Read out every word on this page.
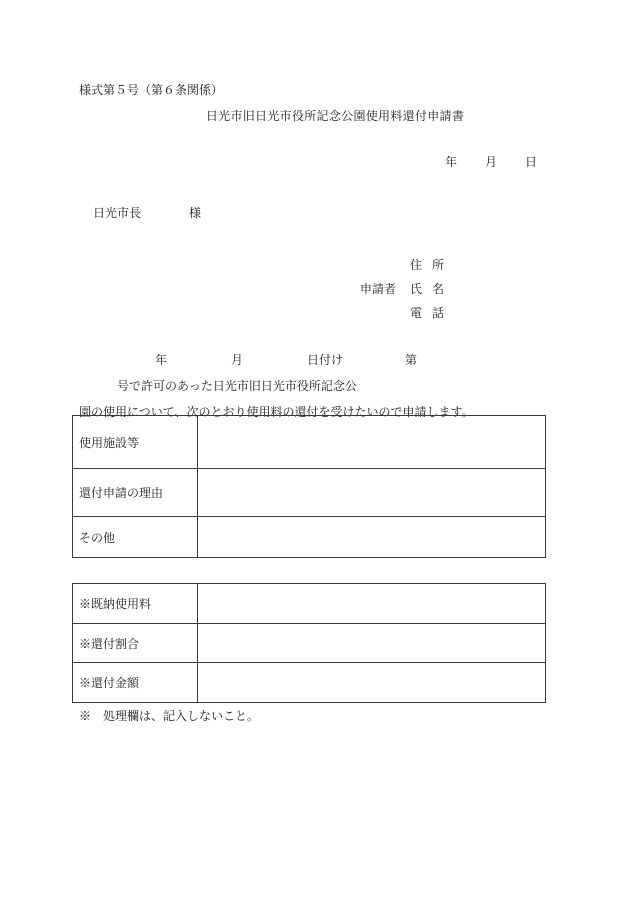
様式第５号（第６条関係）
日光市旧日光市役所記念公園使用料還付申請書
年 月 日
日光市長	様
住所
申請者	氏名
電話
年	月	日付け	第号で許可のあった日光市旧日光市役所記念公
園の使用について、次のとおり使用料の還付を受けたいので申請します。
使用施設等	
還付申請の理由	
その他	
※既納使用料	
※還付割合	
※還付金額	
※　処理欄は、記入しないこと。
